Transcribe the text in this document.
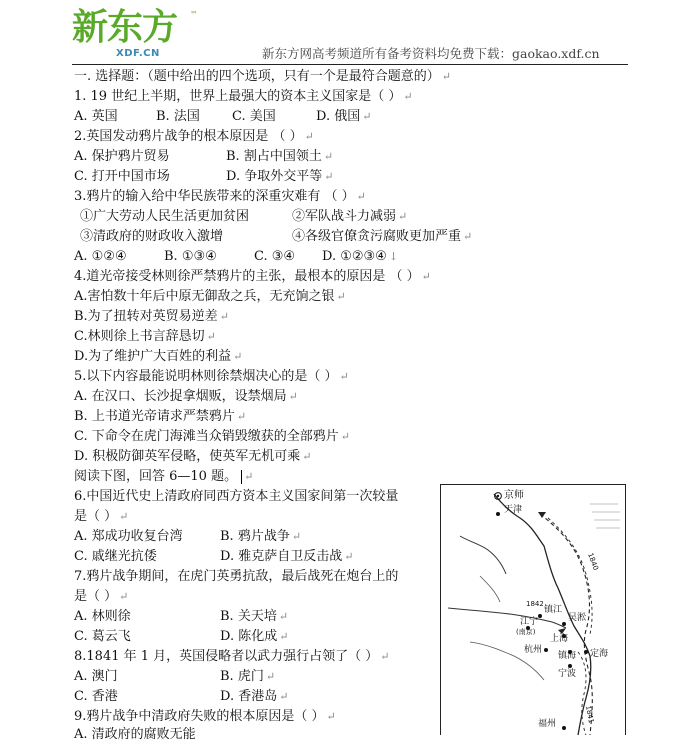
新东方 ™
XDF.CN	新东方网高考频道所有备考资料均免费下载：gaokao.xdf.cn
一. 选择题：（题中给出的四个选项，只有一个是最符合题意的） ↵
1. 19 世纪上半期，世界上最强大的资本主义国家是（ ） ↵
A. 英国	B. 法国 C. 美国	D. 俄国 ↵
2.英国发动鸦片战争的根本原因是 （ ） ↵
A. 保护鸦片贸易	B. 割占中国领土 ↵
C. 打开中国市场	D. 争取外交平等 ↵
3.鸦片的输入给中华民族带来的深重灾难有 （ ） ↵
①广大劳动人民生活更加贫困	②军队战斗力减弱 ↵
③清政府的财政收入激增	④各级官僚贪污腐败更加严重 ↵
A. ①②④	B. ①③④	C. ③④ D. ①②③④ ↓
4.道光帝接受林则徐严禁鸦片的主张，最根本的原因是 （ ） ↵
A.害怕数十年后中原无御敌之兵，无充饷之银 ↵
B.为了扭转对英贸易逆差 ↵
C.林则徐上书言辞恳切 ↵
D.为了维护广大百姓的利益 ↵
5.以下内容最能说明林则徐禁烟决心的是（ ） ↵
A. 在汉口、长沙捉拿烟贩，设禁烟局 ↵
B. 上书道光帝请求严禁鸦片 ↵
C. 下命令在虎门海滩当众销毁缴获的全部鸦片 ↵
D. 积极防御英军侵略，使英军无机可乘 ↵
阅读下图，回答 6—10 题。 ↵
6.中国近代史上清政府同西方资本主义国家间第一次较量
是（ ） ↵
A. 郑成功收复台湾	B. 鸦片战争 ↵
C. 戚继光抗倭	D. 雅克萨自卫反击战 ↵
7.鸦片战争期间，在虎门英勇抗敌，最后战死在炮台上的
是（ ） ↵
A. 林则徐	B. 关天培 ↵
C. 葛云飞	D. 陈化成 ↵
8.1841 年 1 月，英国侵略者以武力强行占领了（ ） ↵
A. 澳门	B. 虎门 ↵
C. 香港	D. 香港岛 ↵
9.鸦片战争中清政府失败的根本原因是（ ） ↵
A. 清政府的腐败无能
京师
天津
镇江
江宁
(南京)
吴淞
上海
杭州
镇海 定海
宁波
福州
1840
1842
1841
